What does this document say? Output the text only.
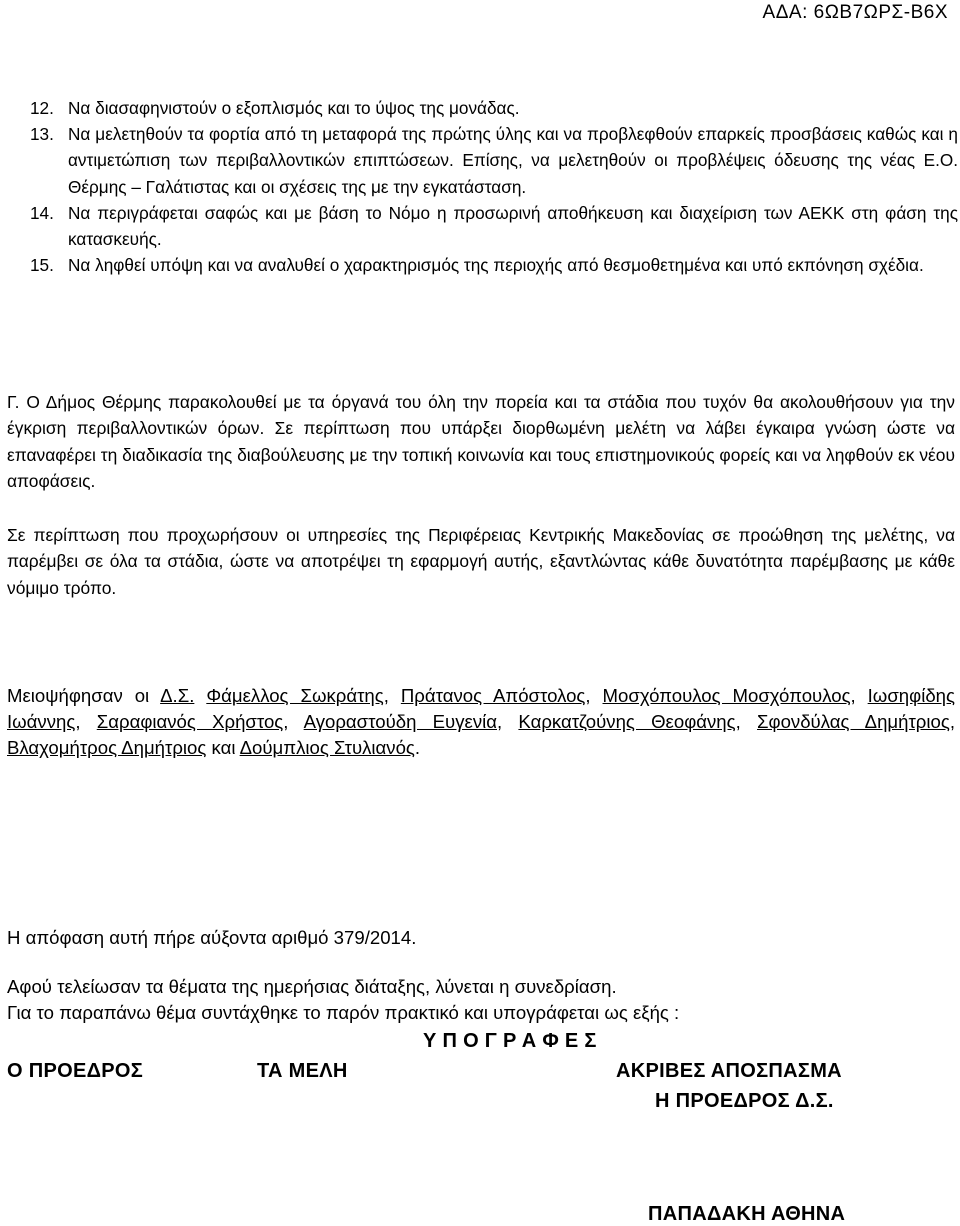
ΑΔΑ: 6ΩΒ7ΩΡΣ-Β6Χ
12. Να διασαφηνιστούν ο εξοπλισμός και το ύψος της μονάδας.
13. Να μελετηθούν τα φορτία από τη μεταφορά της πρώτης ύλης και να προβλεφθούν επαρκείς προσβάσεις καθώς και η αντιμετώπιση των περιβαλλοντικών επιπτώσεων. Επίσης, να μελετηθούν οι προβλέψεις όδευσης της νέας Ε.Ο. Θέρμης – Γαλάτιστας και οι σχέσεις της με την εγκατάσταση.
14. Να περιγράφεται σαφώς και με βάση το Νόμο η προσωρινή αποθήκευση και διαχείριση των ΑΕΚΚ στη φάση της κατασκευής.
15. Να ληφθεί υπόψη και να αναλυθεί ο χαρακτηρισμός της περιοχής από θεσμοθετημένα και υπό εκπόνηση σχέδια.

Γ. Ο Δήμος Θέρμης παρακολουθεί με τα όργανά του όλη την πορεία και τα στάδια που τυχόν θα ακολουθήσουν για την έγκριση περιβαλλοντικών όρων. Σε περίπτωση που υπάρξει διορθωμένη μελέτη να λάβει έγκαιρα γνώση ώστε να επαναφέρει τη διαδικασία της διαβούλευσης με την τοπική κοινωνία και τους επιστημονικούς φορείς και να ληφθούν εκ νέου αποφάσεις.

Σε περίπτωση που προχωρήσουν οι υπηρεσίες της Περιφέρειας Κεντρικής Μακεδονίας σε προώθηση της μελέτης, να παρέμβει σε όλα τα στάδια, ώστε να αποτρέψει τη εφαρμογή αυτής, εξαντλώντας κάθε δυνατότητα παρέμβασης με κάθε νόμιμο τρόπο.

Μειοψήφησαν οι Δ.Σ. Φάμελλος Σωκράτης, Πράτανος Απόστολος, Μοσχόπουλος Μοσχόπουλος, Ιωσηφίδης Ιωάννης, Σαραφιανός Χρήστος, Αγοραστούδη Ευγενία, Καρκατζούνης Θεοφάνης, Σφονδύλας Δημήτριος, Βλαχομήτρος Δημήτριος και Δούμπλιος Στυλιανός.

Η απόφαση αυτή πήρε αύξοντα αριθμό 379/2014.

Αφού τελείωσαν τα θέματα της ημερήσιας διάταξης, λύνεται η συνεδρίαση.

Για το παραπάνω θέμα συντάχθηκε το παρόν πρακτικό και υπογράφεται ως εξής :

Υ Π Ο Γ Ρ Α Φ Ε Σ
Ο ΠΡΟΕΔΡΟΣ	ΤΑ ΜΕΛΗ	ΑΚΡΙΒΕΣ ΑΠΟΣΠΑΣΜΑ
Η ΠΡΟΕΔΡΟΣ Δ.Σ.
ΠΑΠΑΔΑΚΗ ΑΘΗΝΑ
